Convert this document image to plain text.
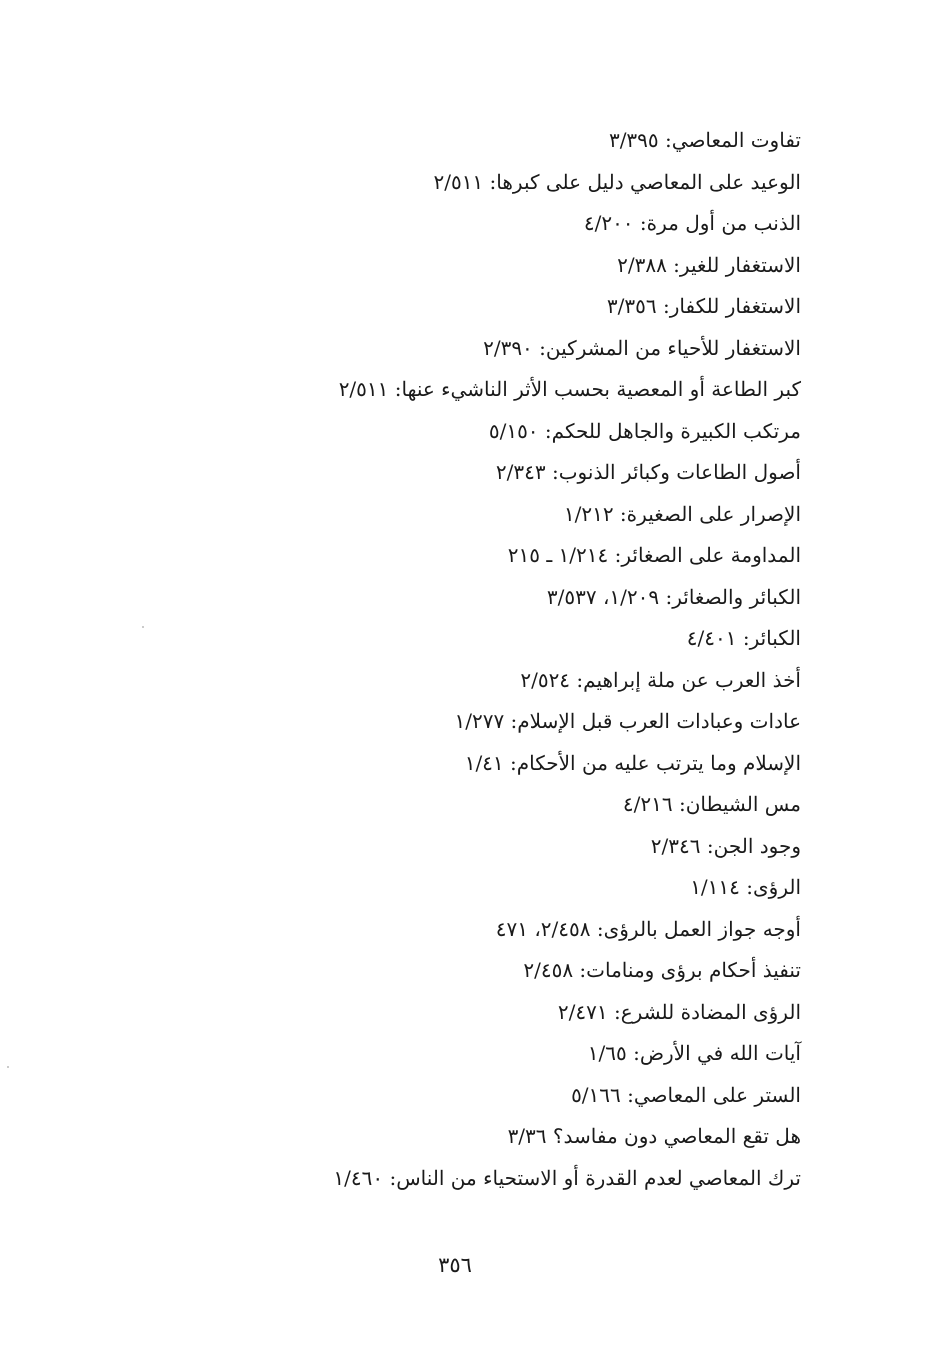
تفاوت المعاصي: ٣/٣٩٥
الوعيد على المعاصي دليل على كبرها: ٢/٥١١
الذنب من أول مرة: ٤/٢٠٠
الاستغفار للغير: ٢/٣٨٨
الاستغفار للكفار: ٣/٣٥٦
الاستغفار للأحياء من المشركين: ٢/٣٩٠
كبر الطاعة أو المعصية بحسب الأثر الناشيء عنها: ٢/٥١١
مرتكب الكبيرة والجاهل للحكم: ٥/١٥٠
أصول الطاعات وكبائر الذنوب: ٢/٣٤٣
الإصرار على الصغيرة: ١/٢١٢
المداومة على الصغائر: ١/٢١٤ ـ ٢١٥
الكبائر والصغائر: ١/٢٠٩، ٣/٥٣٧
الكبائر: ٤/٤٠١
أخذ العرب عن ملة إبراهيم: ٢/٥٢٤
عادات وعبادات العرب قبل الإسلام: ١/٢٧٧
الإسلام وما يترتب عليه من الأحكام: ١/٤١
مس الشيطان: ٤/٢١٦
وجود الجن: ٢/٣٤٦
الرؤى: ١/١١٤
أوجه جواز العمل بالرؤى: ٢/٤٥٨، ٤٧١
تنفيذ أحكام برؤى ومنامات: ٢/٤٥٨
الرؤى المضادة للشرع: ٢/٤٧١
آيات الله في الأرض: ١/٦٥
الستر على المعاصي: ٥/١٦٦
هل تقع المعاصي دون مفاسد؟ ٣/٣٦
ترك المعاصي لعدم القدرة أو الاستحياء من الناس: ١/٤٦٠
٣٥٦
